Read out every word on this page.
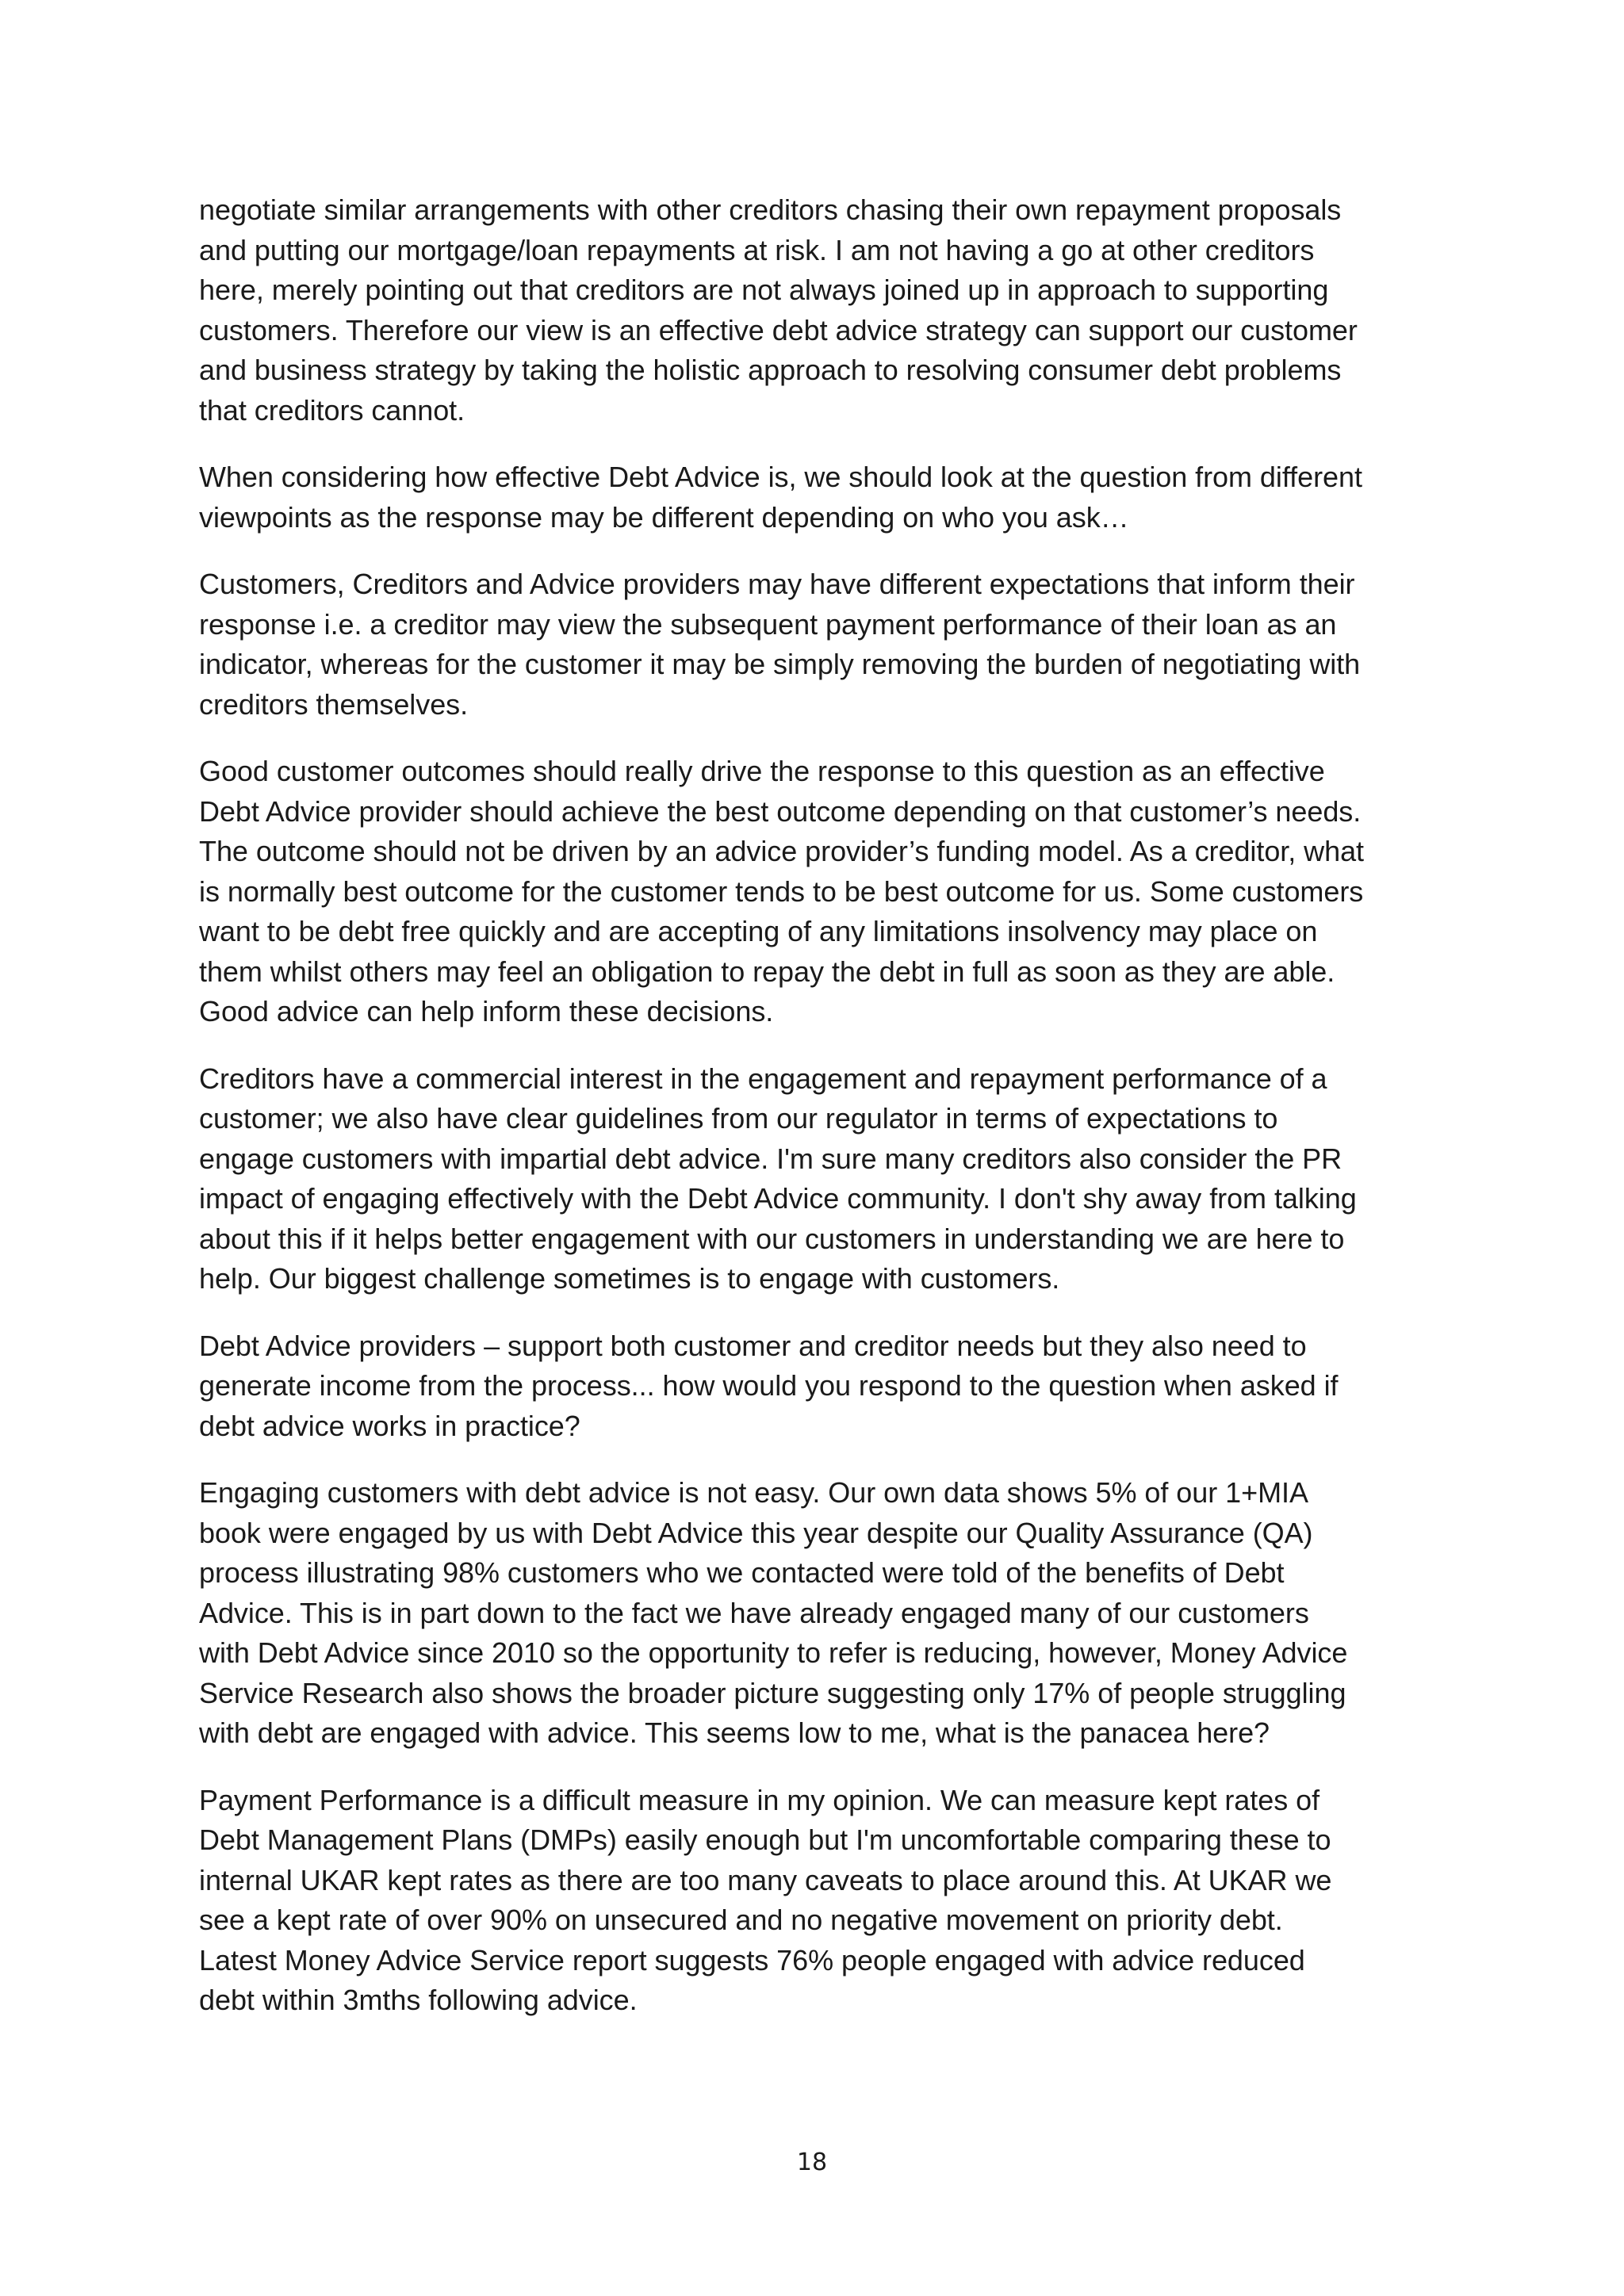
negotiate similar arrangements with other creditors chasing their own repayment proposals
and putting our mortgage/loan repayments at risk. I am not having a go at other creditors
here, merely pointing out that creditors are not always joined up in approach to supporting
customers. Therefore our view is an effective debt advice strategy can support our customer
and business strategy by taking the holistic approach to resolving consumer debt problems
that creditors cannot.

When considering how effective Debt Advice is, we should look at the question from different
viewpoints as the response may be different depending on who you ask…

Customers, Creditors and Advice providers may have different expectations that inform their
response i.e. a creditor may view the subsequent payment performance of their loan as an
indicator, whereas for the customer it may be simply removing the burden of negotiating with
creditors themselves.

Good customer outcomes should really drive the response to this question as an effective
Debt Advice provider should achieve the best outcome depending on that customer’s needs.
The outcome should not be driven by an advice provider’s funding model. As a creditor, what
is normally best outcome for the customer tends to be best outcome for us. Some customers
want to be debt free quickly and are accepting of any limitations insolvency may place on
them whilst others may feel an obligation to repay the debt in full as soon as they are able.
Good advice can help inform these decisions.

Creditors have a commercial interest in the engagement and repayment performance of a
customer; we also have clear guidelines from our regulator in terms of expectations to
engage customers with impartial debt advice. I'm sure many creditors also consider the PR
impact of engaging effectively with the Debt Advice community. I don't shy away from talking
about this if it helps better engagement with our customers in understanding we are here to
help. Our biggest challenge sometimes is to engage with customers.

Debt Advice providers – support both customer and creditor needs but they also need to
generate income from the process... how would you respond to the question when asked if
debt advice works in practice?

Engaging customers with debt advice is not easy. Our own data shows 5% of our 1+MIA
book were engaged by us with Debt Advice this year despite our Quality Assurance (QA)
process illustrating 98% customers who we contacted were told of the benefits of Debt
Advice. This is in part down to the fact we have already engaged many of our customers
with Debt Advice since 2010 so the opportunity to refer is reducing, however, Money Advice
Service Research also shows the broader picture suggesting only 17% of people struggling
with debt are engaged with advice. This seems low to me, what is the panacea here?

Payment Performance is a difficult measure in my opinion. We can measure kept rates of
Debt Management Plans (DMPs) easily enough but I'm uncomfortable comparing these to
internal UKAR kept rates as there are too many caveats to place around this. At UKAR we
see a kept rate of over 90% on unsecured and no negative movement on priority debt.
Latest Money Advice Service report suggests 76% people engaged with advice reduced
debt within 3mths following advice.

18
